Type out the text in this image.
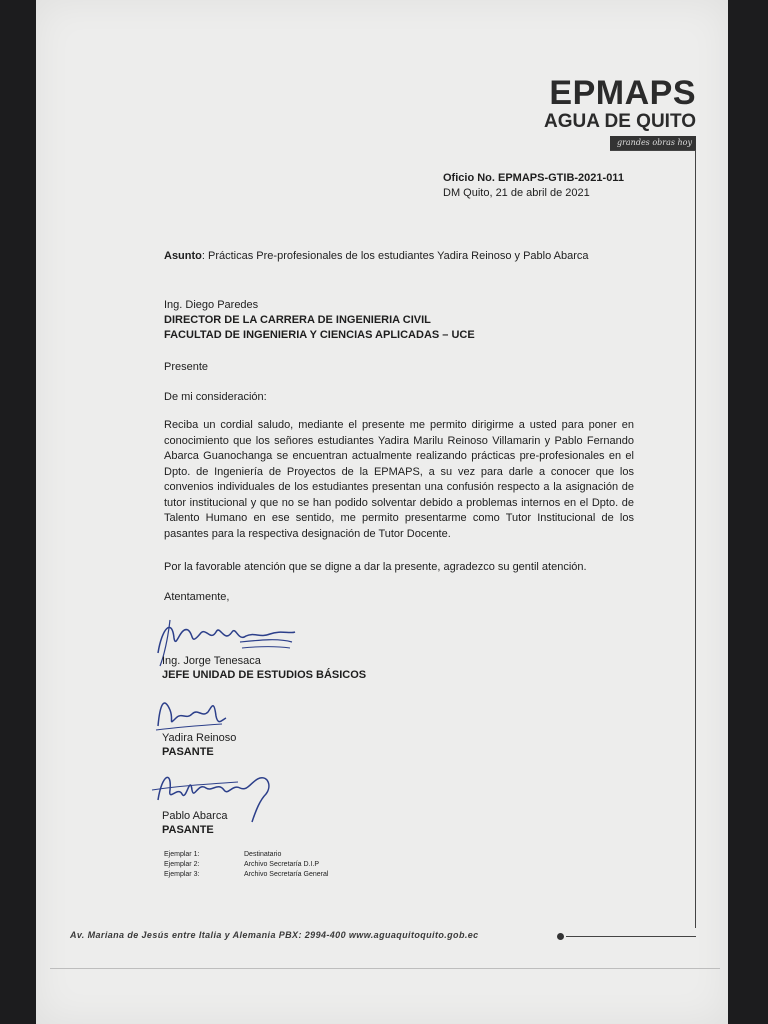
EPMAPS
AGUA DE QUITO
grandes obras hoy
Oficio No. EPMAPS-GTIB-2021-011
DM Quito, 21 de abril de 2021
Asunto: Prácticas Pre-profesionales de los estudiantes Yadira Reinoso y Pablo Abarca
Ing. Diego Paredes
DIRECTOR DE LA CARRERA DE INGENIERIA CIVIL
FACULTAD DE INGENIERIA Y CIENCIAS APLICADAS – UCE
Presente
De mi consideración:
Reciba un cordial saludo, mediante el presente me permito dirigirme a usted para poner en conocimiento que los señores estudiantes Yadira Marilu Reinoso Villamarin y Pablo Fernando Abarca Guanochanga se encuentran actualmente realizando prácticas pre-profesionales en el Dpto. de Ingeniería de Proyectos de la EPMAPS, a su vez para darle a conocer que los convenios individuales de los estudiantes presentan una confusión respecto a la asignación de tutor institucional y que no se han podido solventar debido a problemas internos en el Dpto. de Talento Humano en ese sentido, me permito presentarme como Tutor Institucional de los pasantes para la respectiva designación de Tutor Docente.
Por la favorable atención que se digne a dar la presente, agradezco su gentil atención.
Atentamente,
Ing. Jorge Tenesaca
JEFE UNIDAD DE ESTUDIOS BÁSICOS
Yadira Reinoso
PASANTE
Pablo Abarca
PASANTE
Ejemplar 1:	Destinatario
Ejemplar 2:	Archivo Secretaría D.I.P
Ejemplar 3:	Archivo Secretaría General
Av. Mariana de Jesús entre Italia y Alemania PBX: 2994-400 www.aguaquitoquito.gob.ec
